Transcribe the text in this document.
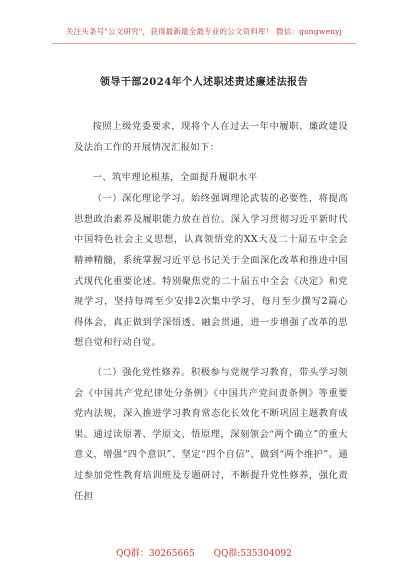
关注头条号"公文研究"，获得最新最全最专业的公文资料库！ 微信：gongwenyj
领导干部2024年个人述职述责述廉述法报告

按照上级党委要求，现将个人在过去一年中履职、廉政建设及法治工作的开展情况汇报如下：

一、筑牢理论根基，全面提升履职水平

（一）深化理论学习。始终强调理论武装的必要性，将提高思想政治素养及履职能力放在首位。深入学习贯彻习近平新时代中国特色社会主义思想，认真领悟党的XX大及二十届五中全会精神精髓，系统掌握习近平总书记关于全面深化改革和推进中国式现代化重要论述。特别聚焦党的二十届五中全会《决定》和党规学习，坚持每周至少安排2次集中学习，每月至少撰写2篇心得体会，真正做到学深悟透、融会贯通，进一步增强了改革的思想自觉和行动自觉。

（二）强化党性修养。积极参与党规学习教育，带头学习领会《中国共产党纪律处分条例》《中国共产党问责条例》等重要党内法规，深入推进学习教育常态化长效化不断巩固主题教育成果。通过读原著、学原文、悟原理，深刻领会“两个确立”的重大意义，增强“四个意识”、坚定“四个自信”、做到“两个维护”。通过参加党性教育培训班及专题研讨，不断提升党性修养，强化责任担

QQ群：30265665 QQ群:535304092
